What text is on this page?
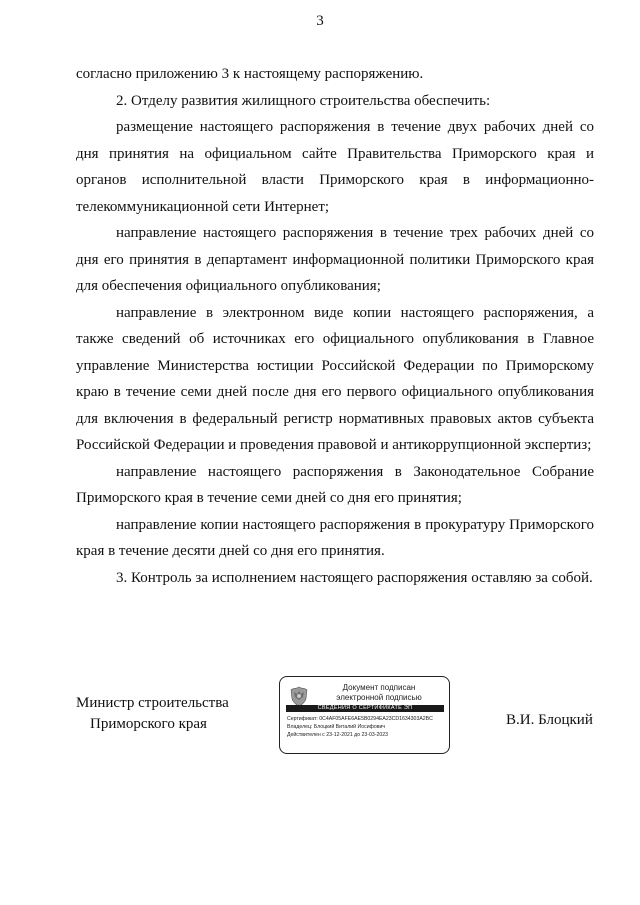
3

согласно приложению 3 к настоящему распоряжению.

2. Отделу развития жилищного строительства обеспечить:

размещение настоящего распоряжения в течение двух рабочих дней со дня принятия на официальном сайте Правительства Приморского края и органов исполнительной власти Приморского края в информационно-телекоммуникационной сети Интернет;

направление настоящего распоряжения в течение трех рабочих дней со дня его принятия в департамент информационной политики Приморского края для обеспечения официального опубликования;

направление в электронном виде копии настоящего распоряжения, а также сведений об источниках его официального опубликования в Главное управление Министерства юстиции Российской Федерации по Приморскому краю в течение семи дней после дня его первого официального опубликования для включения в федеральный регистр нормативных правовых актов субъекта Российской Федерации и проведения правовой и антикоррупционной экспертиз;

направление настоящего распоряжения в Законодательное Собрание Приморского края в течение семи дней со дня его принятия;

направление копии настоящего распоряжения в прокуратуру Приморского края в течение десяти дней со дня его принятия.

3. Контроль за исполнением настоящего распоряжения оставляю за собой.

Министр строительства
Приморского края
Документ подписан
электронной подписью
СВЕДЕНИЯ О СЕРТИФИКАТЕ ЭП
Сертификат: 0C4AF05AFE6AE5B0294EA23CD1634303A2BC
Владелец: Блоцкий Виталий Иосифович
Действителен с 23-12-2021 до 23-03-2023
В.И. Блоцкий
